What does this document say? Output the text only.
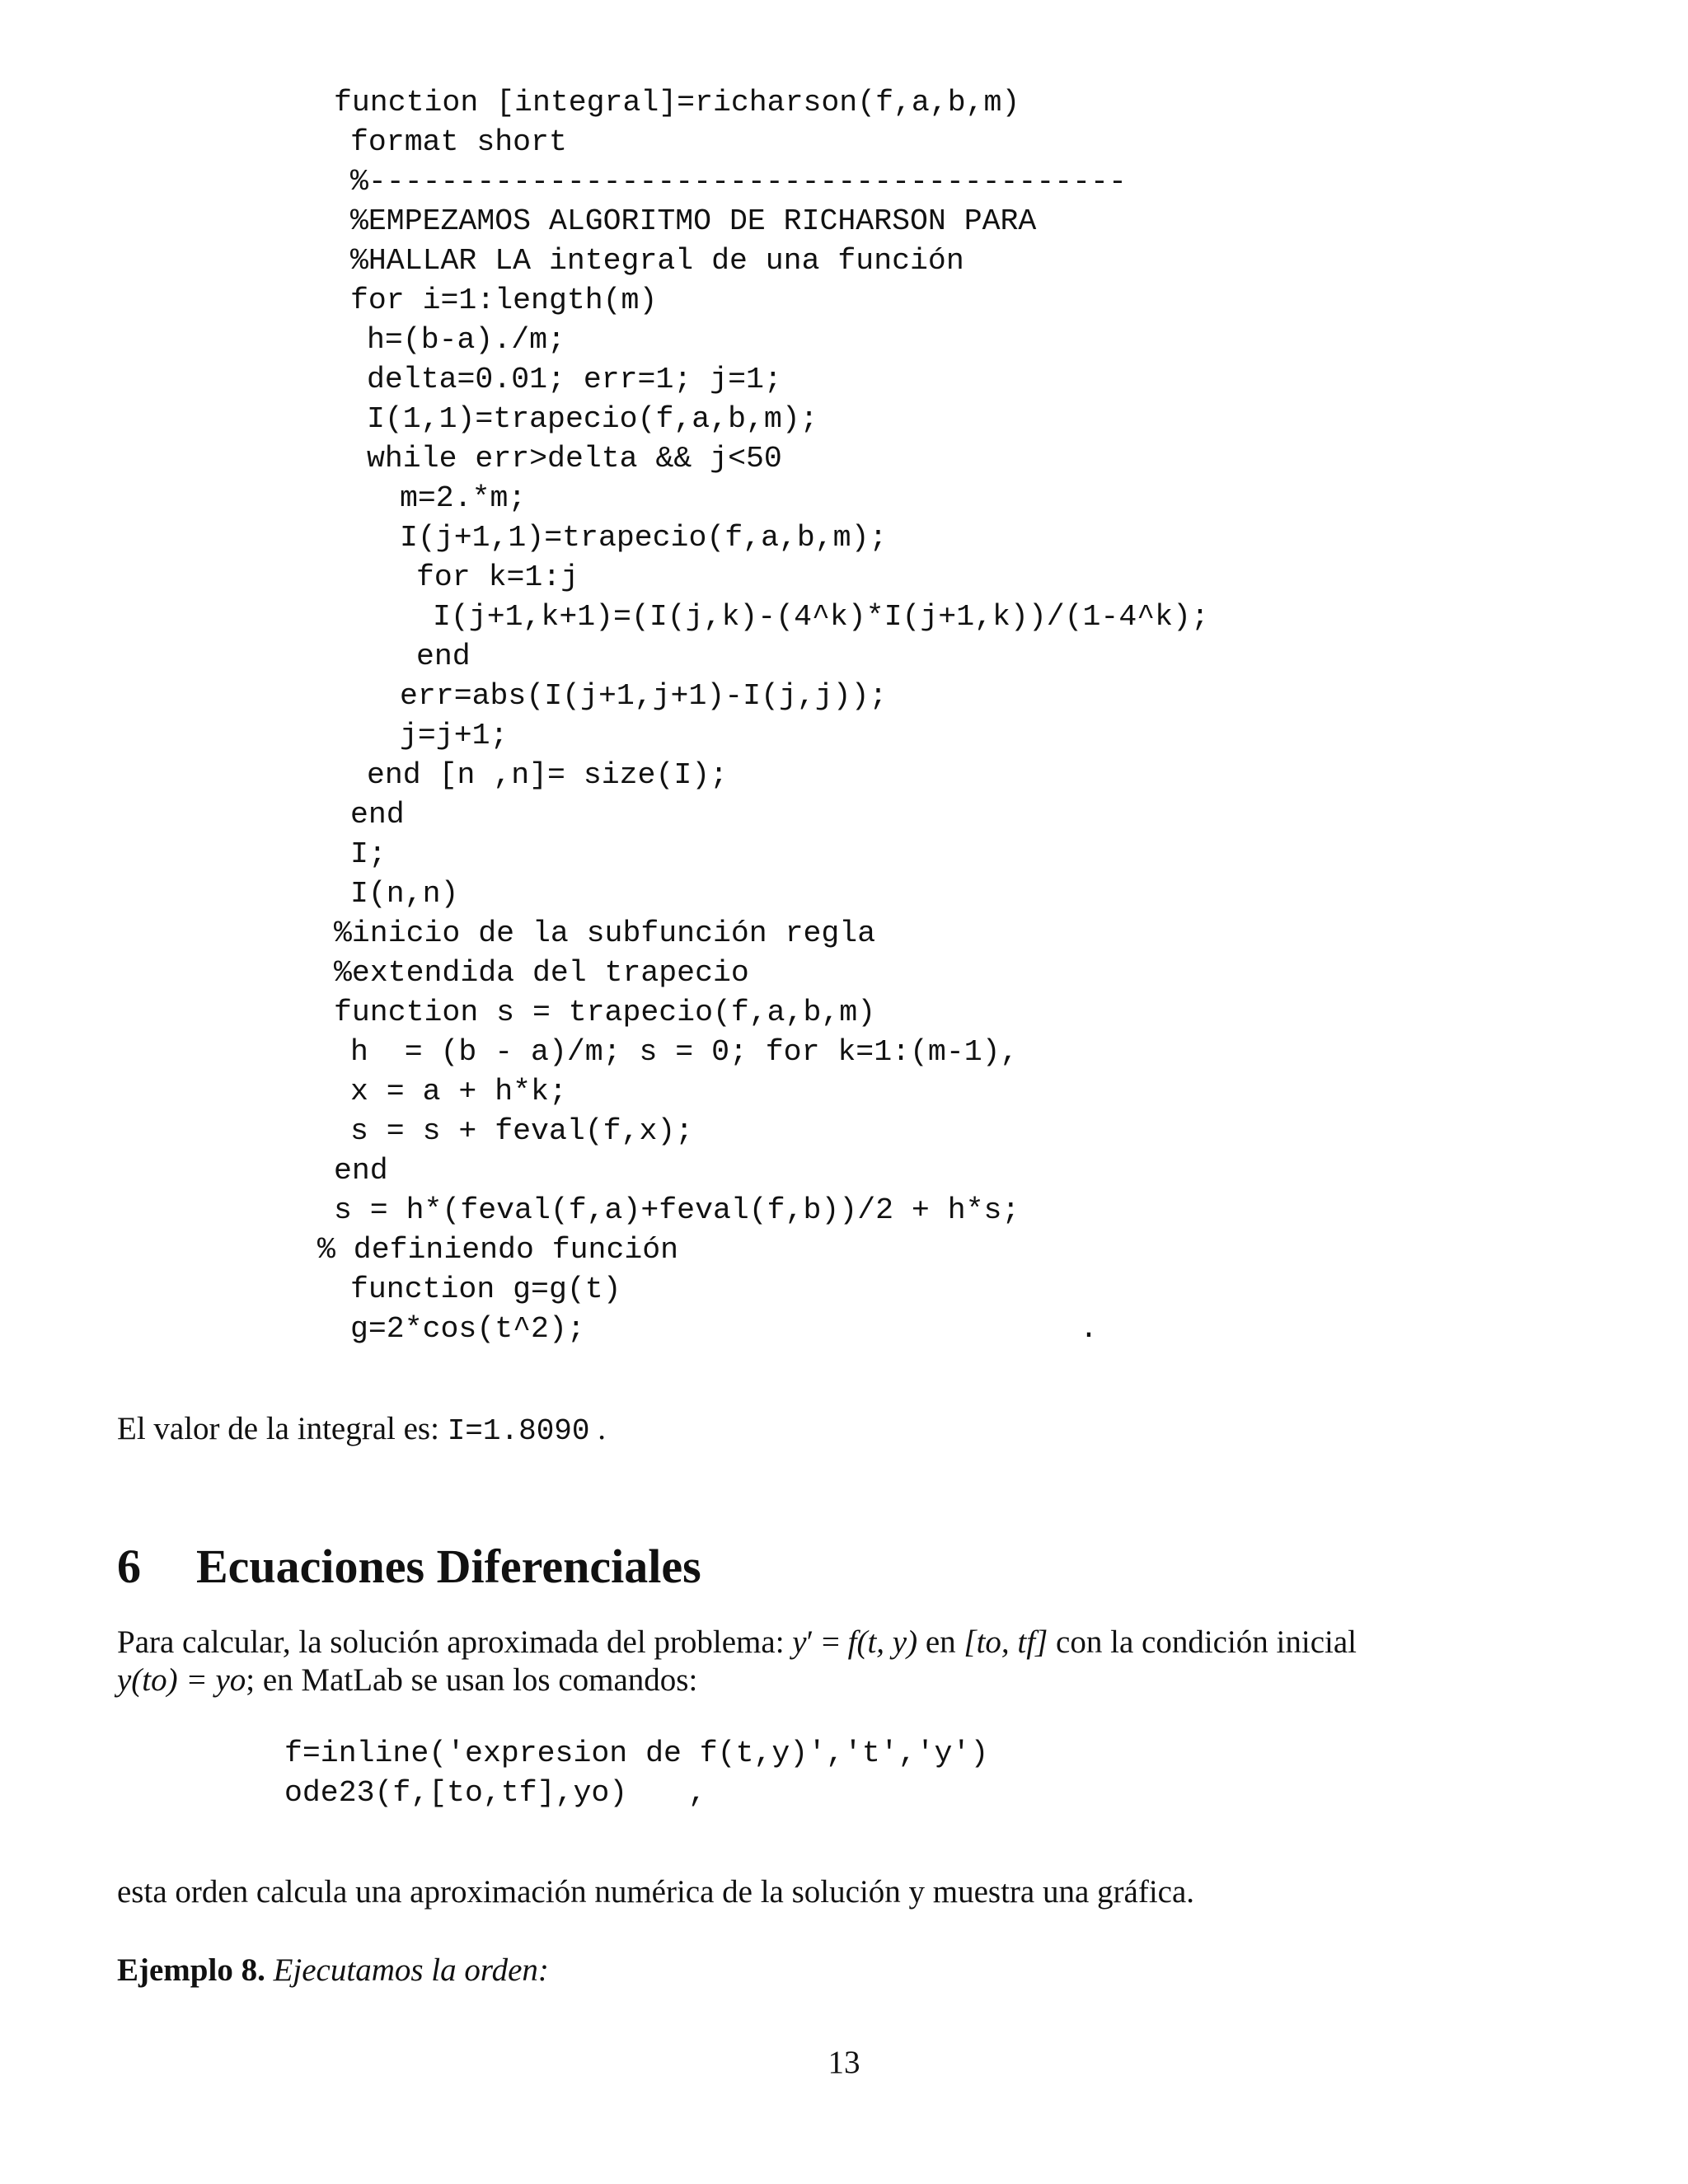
function [integral]=richarson(f,a,b,m)

format short

%------------------------------------------

%EMPEZAMOS ALGORITMO DE RICHARSON PARA

%HALLAR LA integral de una función

for i=1:length(m)

h=(b-a)./m;

delta=0.01; err=1; j=1;

I(1,1)=trapecio(f,a,b,m);

while err>delta && j<50

m=2.*m;

I(j+1,1)=trapecio(f,a,b,m);

for k=1:j

I(j+1,k+1)=(I(j,k)-(4^k)*I(j+1,k))/(1-4^k);

end

err=abs(I(j+1,j+1)-I(j,j));

j=j+1;

end [n ,n]= size(I);

end

I;

I(n,n)

%inicio de la subfunción regla

%extendida del trapecio

function s = trapecio(f,a,b,m)

h  = (b - a)/m; s = 0; for k=1:(m-1),

x = a + h*k;

s = s + feval(f,x);

end

s = h*(feval(f,a)+feval(f,b))/2 + h*s;

% definiendo función

function g=g(t)

g=2*cos(t^2);

	.

El valor de la integral es: I=1.8090 .
6 Ecuaciones Diferenciales
Para calcular, la solución aproximada del problema: y′ = f(t, y) en [to, tf] con la condición inicial
y(to) = yo; en MatLab se usan los comandos:

f=inline('expresion de f(t,y)','t','y')

ode23(f,[to,tf],yo)

,

esta orden calcula una aproximación numérica de la solución y muestra una gráfica.
Ejemplo 8. Ejecutamos la orden:
13
